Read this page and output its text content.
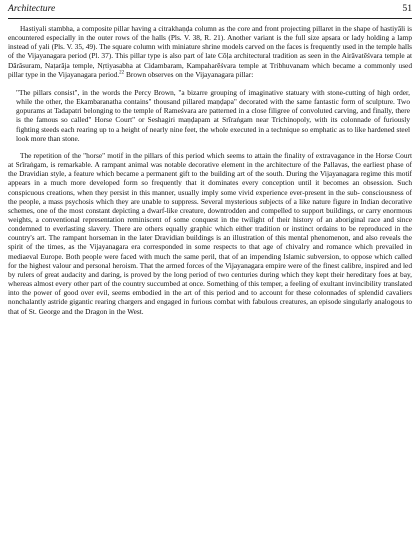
Architecture	51

Hastiyali stambha, a composite pillar having a citrakhaṇḍa column as the core and front projecting pillaret in the shape of hastiyāli is encountered especially in the outer rows of the halls (Pls. V. 38, R. 21). Another variant is the full size apsara or lady holding a lamp instead of yali (Pls. V. 35, 49). The square column with miniature shrine models carved on the faces is frequently used in the temple halls of the Vijayanagara period (Pl. 37). This pillar type is also part of late Cōḷa architectural tradition as seen in the Airāvatēśvara temple at Dārāsuram, Naṭarāja temple, Nṛtiyasabha at Cidambaram, Kampaharēśvara temple at Tribhuvanam which became a commonly used pillar type in the Vijayanagara period.$^{22}$ Brown observes on the Vijayanagara pillar:

"The pillars consist", in the words the Percy Brown, "a bizarre grouping of imaginative statuary with stone-cutting of high order, while the other, the Ekambaranatha contains" thousand pillared maṇḍapa" decorated with the same fantastic form of sculpture. Two gopurams at Tadapatri belonging to the temple of Rameśvara are patterned in a close filigree of convoluted carving, and finally, there is the famous so called" Horse Court" or Seshagiri maṇḍapam at Srīraṅgam near Trichinopoly, with its colonnade of furiously fighting steeds each rearing up to a height of nearly nine feet, the whole executed in a technique so emphatic as to like hardened steel look more than stone.

The repetition of the "horse" motif in the pillars of this period which seems to attain the finality of extravagance in the Horse Court at Srīraṅgam, is remarkable. A rampant animal was notable decorative element in the architecture of the Pallavas, the earliest phase of the Dravidian style, a feature which became a permanent gift to the building art of the south. During the Vijayanagara regime this motif appears in a much more developed form so frequently that it dominates every conception until it becomes an obsession. Such conspicuous creations, when they persist in this manner, usually imply some vivid experience ever-present in the sub- consciousness of the people, a mass psychosis which they are unable to suppress. Several mysterious subjects of a like nature figure in Indian decorative schemes, one of the most constant depicting a dwarf-like creature, downtrodden and compelled to support buildings, or carry enormous weights, a conventional representation reminiscent of some conquest in the twilight of their history of an aboriginal race and since condemned to everlasting slavery. There are others equally graphic which either tradition or instinct ordains to be reproduced in the country's art. The rampant horseman in the later Dravidian buildings is an illustration of this mental phenomenon, and also reveals the spirit of the times, as the Vijayanagara era corresponded in some respects to that age of chivalry and romance which prevailed in mediaeval Europe. Both people were faced with much the same peril, that of an impending Islamic subversion, to oppose which called for the highest valour and personal heroism. That the armed forces of the Vijayanagara empire were of the finest calibre, inspired and led by rulers of great audacity and daring, is proved by the long period of two centuries during which they kept their hereditary foes at bay, whereas almost every other part of the country succumbed at once. Something of this temper, a feeling of exultant invincibility translated into the power of good over evil, seems embodied in the art of this period and to account for these colonnades of splendid cavaliers nonchalantly astride gigantic rearing chargers and engaged in furious combat with fabulous creatures, an episode singularly analogous to that of St. George and the Dragon in the West.
